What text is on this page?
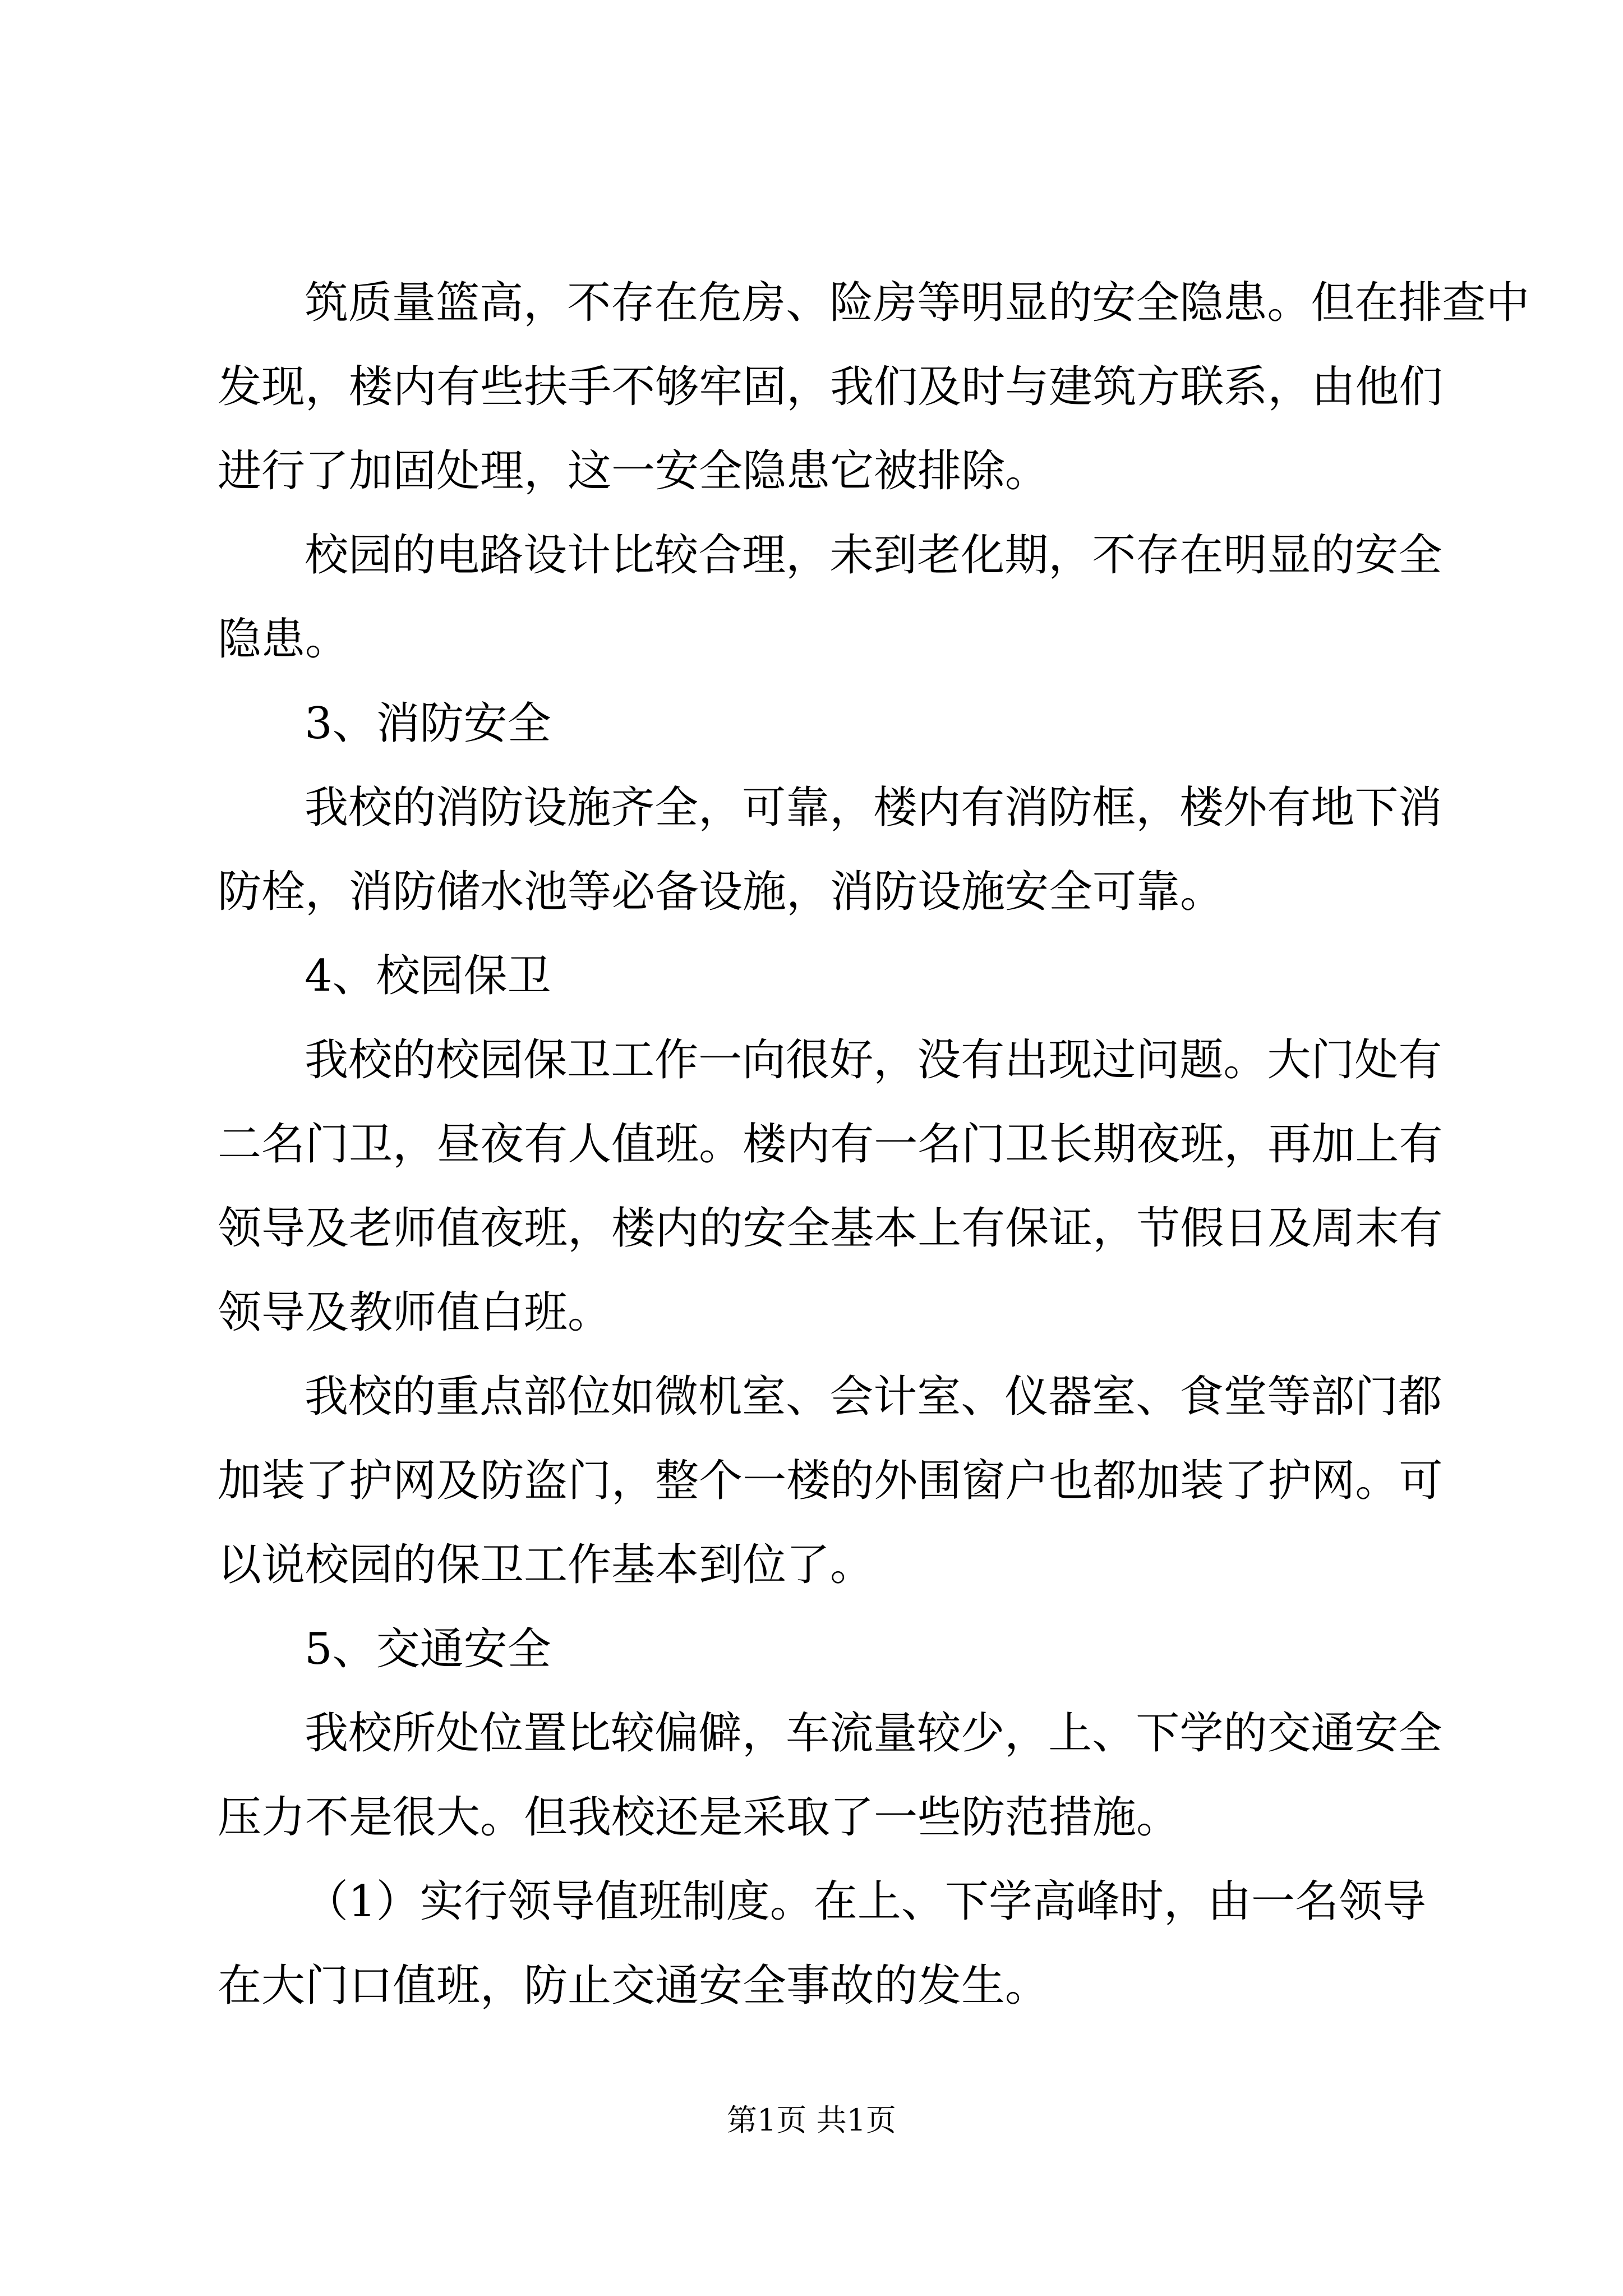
筑 质 量 篮 高 ， 不 存 在 危 房 、 险 房 等 明 显 的 安 全 隐 患 。 但 在 排 查 中
发 现 ， 楼 内 有 些 扶 手 不 够 牢 固 ， 我 们 及 时 与 建 筑 方 联 系 ， 由 他 们
进行了加固处理，这一安全隐患它被排除。
校 园 的 电 路 设 计 比 较 合 理 ， 未 到 老 化 期 ， 不 存 在 明 显 的 安 全
隐患。
3、消防安全
我 校 的 消 防 设 施 齐 全 ， 可 靠 ， 楼 内 有 消 防 框 ， 楼 外 有 地 下 消
防栓，消防储水池等必备设施，消防设施安全可靠。
4、校园保卫
我 校 的 校 园 保 卫 工 作 一 向 很 好 ， 没 有 出 现 过 问 题 。 大 门 处 有
二 名 门 卫 ， 昼 夜 有 人 值 班 。 楼 内 有 一 名 门 卫 长 期 夜 班 ， 再 加 上 有
领 导 及 老 师 值 夜 班 ， 楼 内 的 安 全 基 本 上 有 保 证 ， 节 假 日 及 周 末 有
领导及教师值白班。
我 校 的 重 点 部 位 如 微 机 室 、 会 计 室 、 仪 器 室 、 食 堂 等 部 门 都
加 装 了 护 网 及 防 盗 门 ， 整 个 一 楼 的 外 围 窗 户 也 都 加 装 了 护 网 。 可
以说校园的保卫工作基本到位了。
5、交通安全
我 校 所 处 位 置 比 较 偏 僻 ， 车 流 量 较 少 ， 上 、 下 学 的 交 通 安 全
压力不是很大。但我校还是采取了一些防范措施。
（ 1 ） 实 行 领 导 值 班 制 度 。 在 上 、 下 学 高 峰 时 ， 由 一 名 领 导
在大门口值班，防止交通安全事故的发生。
第1页 共1页
